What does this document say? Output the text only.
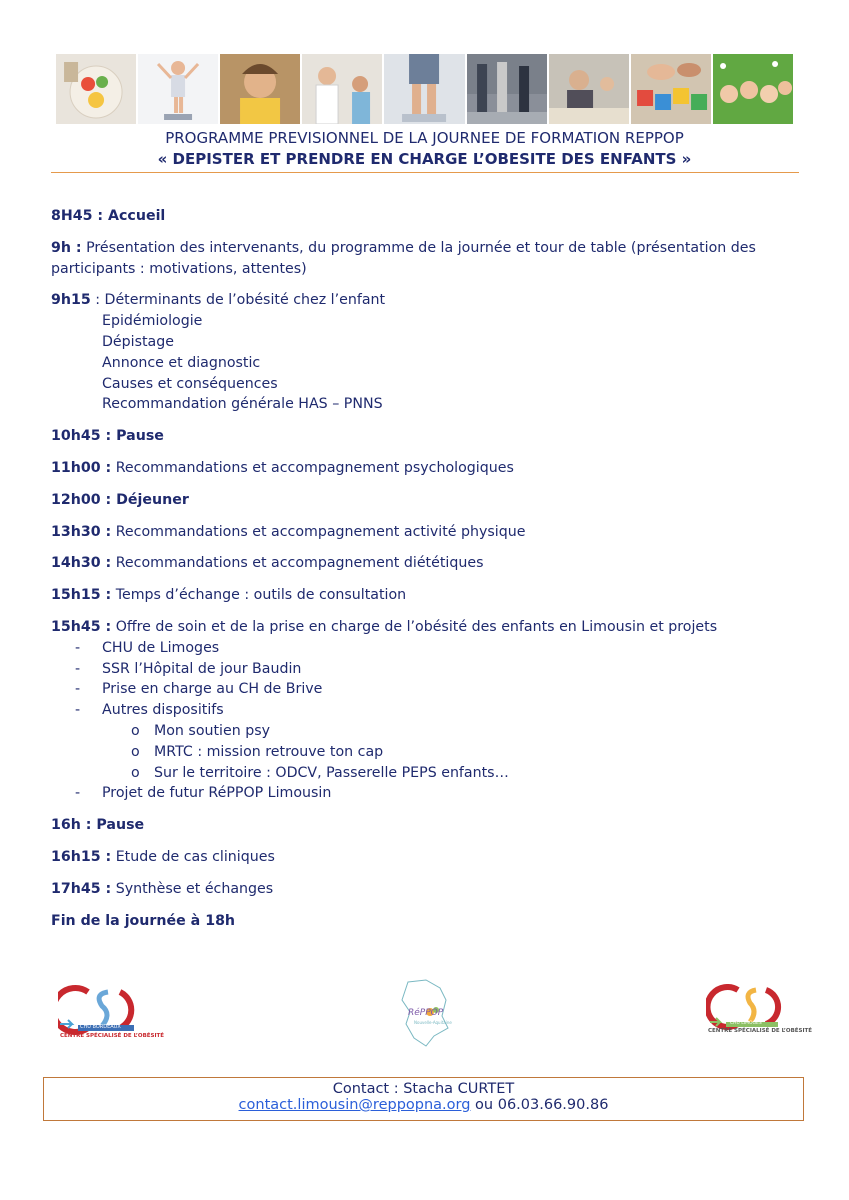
PROGRAMME PREVISIONNEL DE LA JOURNEE DE FORMATION REPPOP
« DEPISTER ET PRENDRE EN CHARGE L’OBESITE DES ENFANTS »

8H45 : Accueil

9h : Présentation des intervenants, du programme de la journée et tour de table (présentation des participants : motivations, attentes)

9h15 : Déterminants de l’obésité chez l’enfant

Epidémiologie
Dépistage
Annonce et diagnostic
Causes et conséquences
Recommandation générale HAS – PNNS

10h45 : Pause

11h00 : Recommandations et accompagnement psychologiques

12h00 : Déjeuner

13h30 : Recommandations et accompagnement activité physique

14h30 : Recommandations et accompagnement diététiques

15h15 : Temps d’échange : outils de consultation

15h45 : Offre de soin et de la prise en charge de l’obésité des enfants en Limousin et projets

- CHU de Limoges
- SSR l’Hôpital de jour Baudin
- Prise en charge au CH de Brive
- Autres dispositifs
o Mon soutien psy
o MRTC : mission retrouve ton cap
o Sur le territoire : ODCV, Passerelle PEPS enfants…
- Projet de futur RéPPOP Limousin

16h : Pause

16h15 : Etude de cas cliniques

17h45 : Synthèse et échanges

Fin de la journée à 18h

CHU BORDEAUX
CENTRE SPÉCIALISÉ DE L’OBÉSITÉ
RéPPOP
Nouvelle-Aquitaine	CHU LIMOGES
CENTRE SPÉCIALISÉ DE L’OBÉSITÉ
Contact : Stacha CURTET
contact.limousin@reppopna.org ou 06.03.66.90.86
